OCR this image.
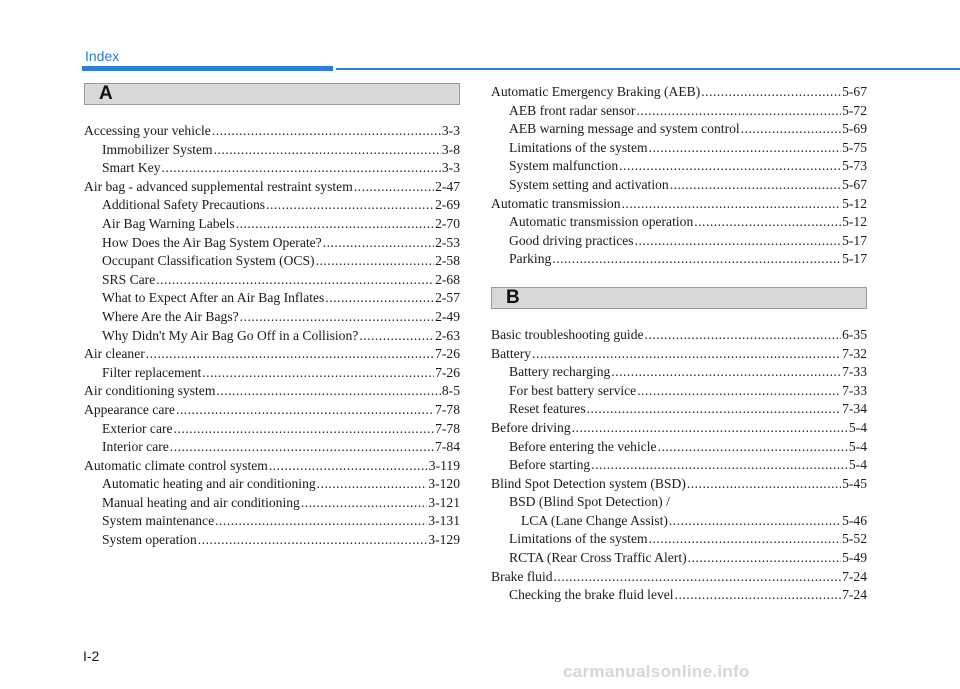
Index
A
Accessing your vehicle .....	3-3
Immobilizer System .....	3-8
Smart Key .....	3-3
Air bag - advanced supplemental restraint system .....	2-47
Additional Safety Precautions .....	2-69
Air Bag Warning Labels .....	2-70
How Does the Air Bag System Operate? .....	2-53
Occupant Classification System (OCS) .....	2-58
SRS Care .....	2-68
What to Expect After an Air Bag Inflates .....	2-57
Where Are the Air Bags? .....	2-49
Why Didn't My Air Bag Go Off in a Collision? .....	2-63
Air cleaner .....	7-26
Filter replacement .....	7-26
Air conditioning system .....	8-5
Appearance care .....	7-78
Exterior care .....	7-78
Interior care .....	7-84
Automatic climate control system .....	3-119
Automatic heating and air conditioning .....	3-120
Manual heating and air conditioning .....	3-121
System maintenance .....	3-131
System operation .....	3-129
Automatic Emergency Braking (AEB) .....	5-67
AEB front radar sensor .....	5-72
AEB warning message and system control .....	5-69
Limitations of the system .....	5-75
System malfunction .....	5-73
System setting and activation .....	5-67
Automatic transmission .....	5-12
Automatic transmission operation .....	5-12
Good driving practices .....	5-17
Parking .....	5-17
B
Basic troubleshooting guide .....	6-35
Battery .....	7-32
Battery recharging .....	7-33
For best battery service .....	7-33
Reset features .....	7-34
Before driving .....	5-4
Before entering the vehicle .....	5-4
Before starting .....	5-4
Blind Spot Detection system (BSD) .....	5-45
BSD (Blind Spot Detection) /
LCA (Lane Change Assist) .....	5-46
Limitations of the system .....	5-52
RCTA (Rear Cross Traffic Alert) .....	5-49
Brake fluid .....	7-24
Checking the brake fluid level .....	7-24
I-2
carmanualsonline.info
